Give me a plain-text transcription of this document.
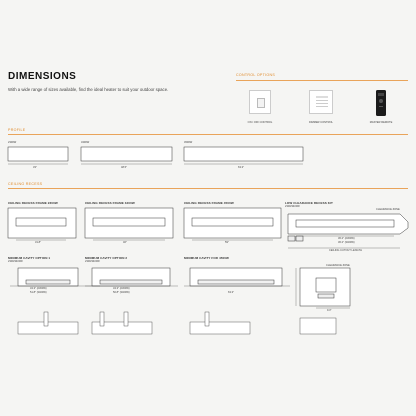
DIMENSIONS
With a wide range of sizes available, find the ideal heater to suit your outdoor space.
CONTROL OPTIONS
ON / OFF CONTROL	DIMMER CONTROL	MASTER REMOTE
PROFILE
2300W	3400W	4500W
33"	48.5"	63.3"
CEILING RECESS
CEILING RECESS FRAME 2300W	CEILING RECESS FRAME 3400W	CEILING RECESS FRAME 4500W	LOW CLEARANCE RECESS KIT
2300/3400W
CLEARANCE ZONE
31.8"	46"	59"
36.2" (2300W)
36.2" (3400W)
CEILING CUTOUT LENGTH
MINIMUM CAVITY OPTION 1
2300/3400W
MINIMUM CAVITY OPTION 2
2300/3400W
MINIMUM CAVITY FOR 4500W
CLEARANCE ZONE
34.3" (2300W)
51.8" (3400W)
34.3" (2300W)
50.8" (3400W)	63.3"
9.3"
